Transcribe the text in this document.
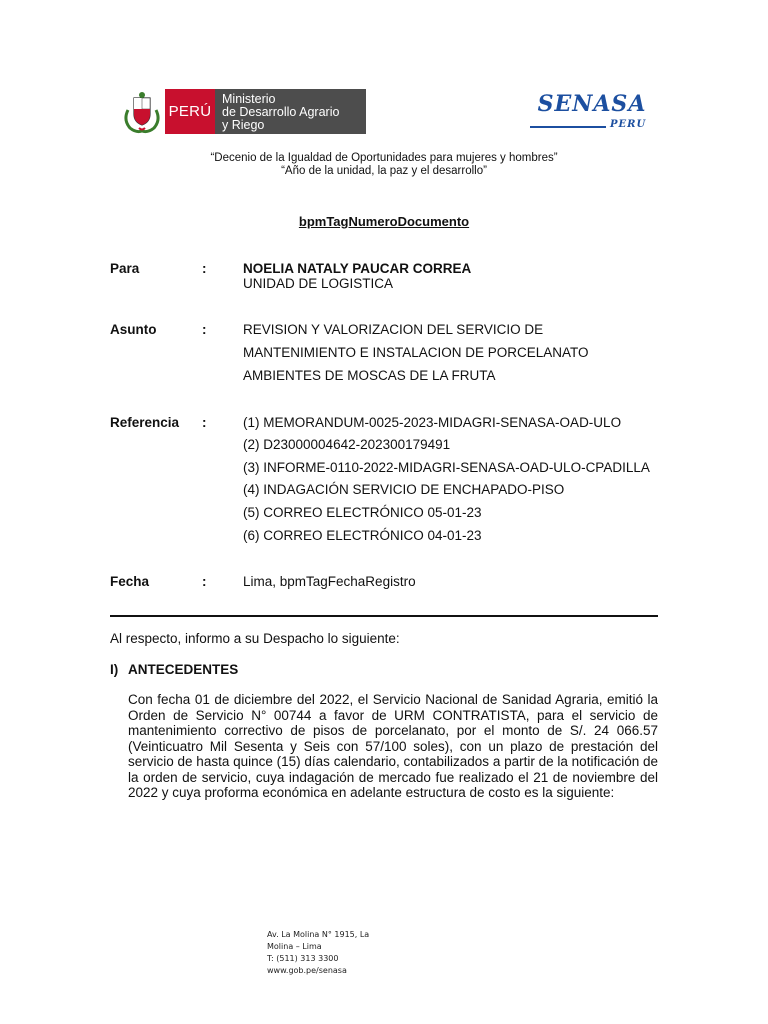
PERÚ
Ministerio
de Desarrollo Agrario
y Riego
SENASA
PERU
“Decenio de la Igualdad de Oportunidades para mujeres y hombres”
“Año de la unidad, la paz y el desarrollo”
bpmTagNumeroDocumento
Para	:	NOELIA NATALY PAUCAR CORREA
UNIDAD DE LOGISTICA
Asunto	:	REVISION Y VALORIZACION DEL SERVICIO DE
MANTENIMIENTO E INSTALACION DE PORCELANATO
AMBIENTES DE MOSCAS DE LA FRUTA
Referencia :	(1) MEMORANDUM-0025-2023-MIDAGRI-SENASA-OAD-ULO
(2) D23000004642-202300179491
(3) INFORME-0110-2022-MIDAGRI-SENASA-OAD-ULO-CPADILLA
(4) INDAGACIÓN SERVICIO DE ENCHAPADO-PISO
(5) CORREO ELECTRÓNICO 05-01-23
(6) CORREO ELECTRÓNICO 04-01-23
Fecha	:	Lima, bpmTagFechaRegistro
Al respecto, informo a su Despacho lo siguiente:
I) ANTECEDENTES
Con fecha 01 de diciembre del 2022, el Servicio Nacional de Sanidad Agraria, emitió la Orden de Servicio N° 00744 a favor de URM CONTRATISTA, para el servicio de mantenimiento correctivo de pisos de porcelanato, por el monto de S/. 24 066.57 (Veinticuatro Mil Sesenta y Seis con 57/100 soles), con un plazo de prestación del servicio de hasta quince (15) días calendario, contabilizados a partir de la notificación de la orden de servicio, cuya indagación de mercado fue realizado el 21 de noviembre del 2022 y cuya proforma económica en adelante estructura de costo es la siguiente:
Av. La Molina N° 1915, La
Molina – Lima
T: (511) 313 3300
www.gob.pe/senasa
